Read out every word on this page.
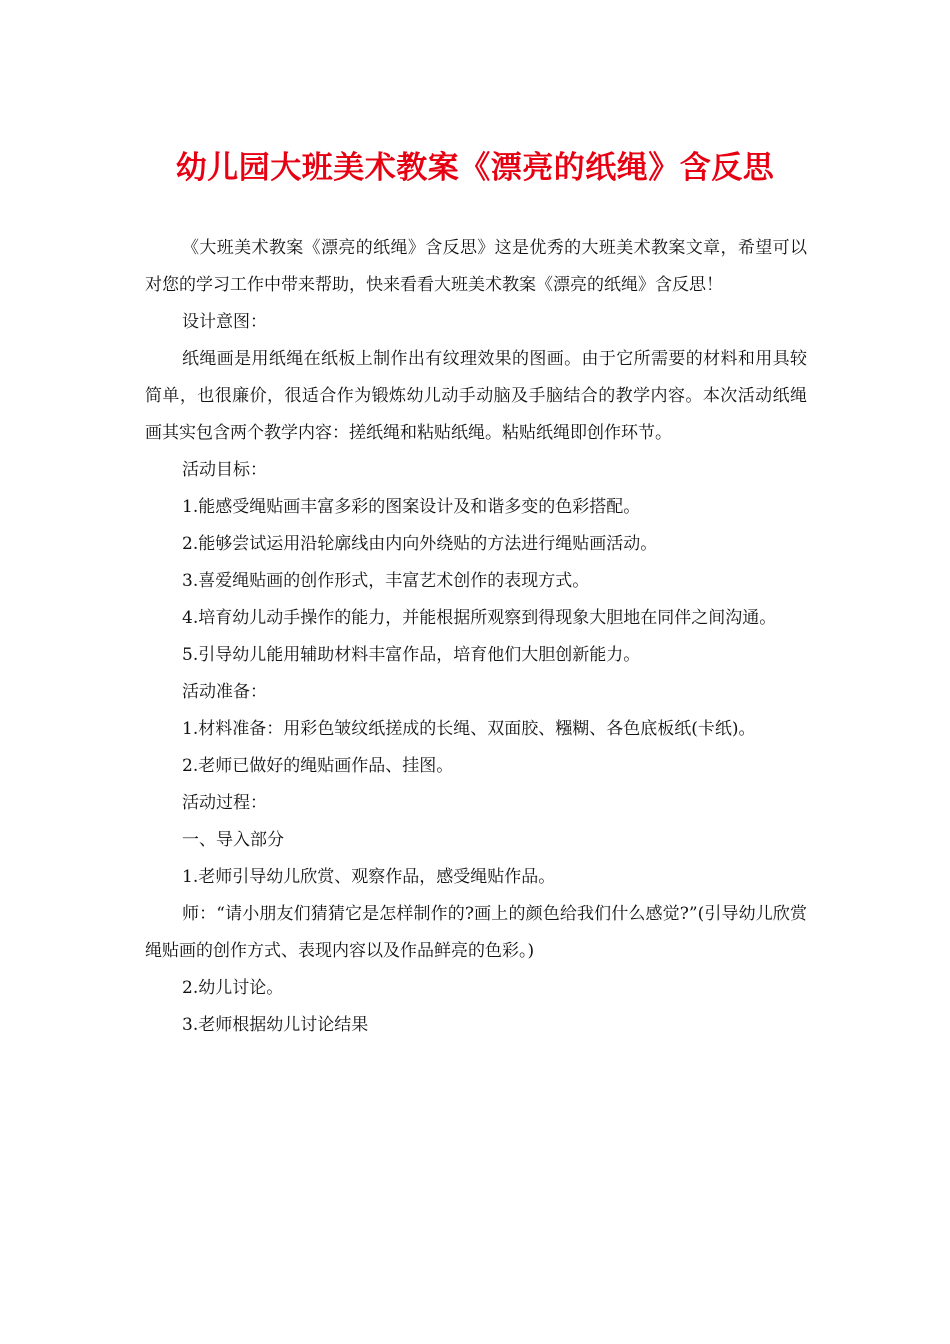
幼儿园大班美术教案《漂亮的纸绳》含反思

《大班美术教案《漂亮的纸绳》含反思》这是优秀的大班美术教案文章，希望可以对您的学习工作中带来帮助，快来看看大班美术教案《漂亮的纸绳》含反思！

设计意图：

纸绳画是用纸绳在纸板上制作出有纹理效果的图画。由于它所需要的材料和用具较简单，也很廉价，很适合作为锻炼幼儿动手动脑及手脑结合的教学内容。本次活动纸绳画其实包含两个教学内容：搓纸绳和粘贴纸绳。粘贴纸绳即创作环节。

活动目标：

1.能感受绳贴画丰富多彩的图案设计及和谐多变的色彩搭配。

2.能够尝试运用沿轮廓线由内向外绕贴的方法进行绳贴画活动。

3.喜爱绳贴画的创作形式，丰富艺术创作的表现方式。

4.培育幼儿动手操作的能力，并能根据所观察到得现象大胆地在同伴之间沟通。

5.引导幼儿能用辅助材料丰富作品，培育他们大胆创新能力。

活动准备：

1.材料准备：用彩色皱纹纸搓成的长绳、双面胶、糨糊、各色底板纸(卡纸)。

2.老师已做好的绳贴画作品、挂图。

活动过程：

一、导入部分

1.老师引导幼儿欣赏、观察作品，感受绳贴作品。

师：“请小朋友们猜猜它是怎样制作的?画上的颜色给我们什么感觉?”(引导幼儿欣赏绳贴画的创作方式、表现内容以及作品鲜亮的色彩。)

2.幼儿讨论。

3.老师根据幼儿讨论结果
